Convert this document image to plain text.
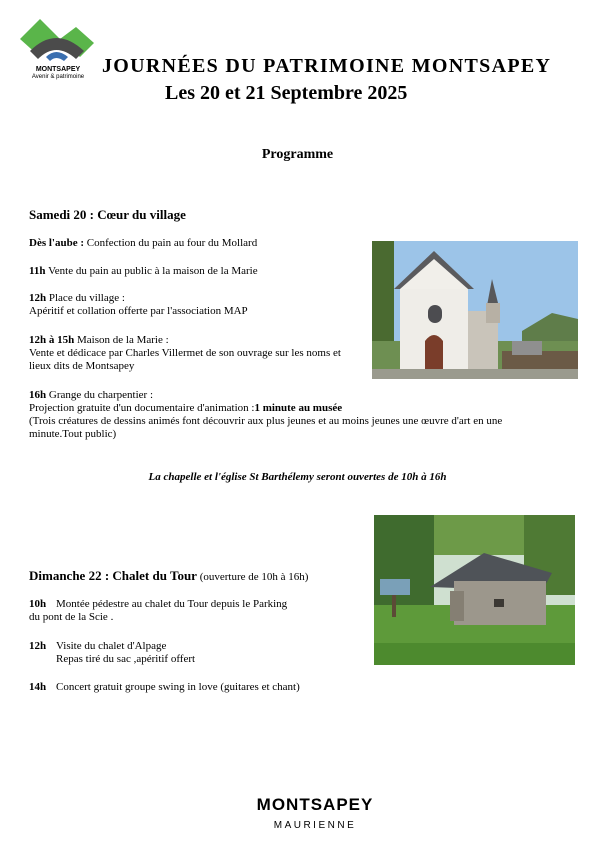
MONTSAPEY
Avenir & patrimoine JOURNÉES DU PATRIMOINE MONTSAPEY
Les 20 et 21 Septembre 2025
Programme
Samedi 20 : Cœur du village
Dès l'aube : Confection du pain au four du Mollard
11h Vente du pain au public à la maison de la Marie
12h Place du village :
Apéritif et collation offerte par l'association MAP
12h à 15h Maison de la Marie :
Vente et dédicace par Charles Villermet de son ouvrage sur les noms et
lieux dits de Montsapey
16h Grange du charpentier :
Projection gratuite d'un documentaire d'animation :1 minute au musée
(Trois créatures de dessins animés font découvrir aux plus jeunes et au moins jeunes une œuvre d'art en une
minute.Tout public)
La chapelle et l'église St Barthélemy seront ouvertes de 10h à 16h
Dimanche 22 : Chalet du Tour (ouverture de 10h à 16h)
10h Montée pédestre au chalet du Tour depuis le Parking
du pont de la Scie .
12h Visite du chalet d'Alpage
Repas tiré du sac ,apéritif offert
14h Concert gratuit groupe swing in love (guitares et chant)
MONTSAPEY
MAURIENNE
